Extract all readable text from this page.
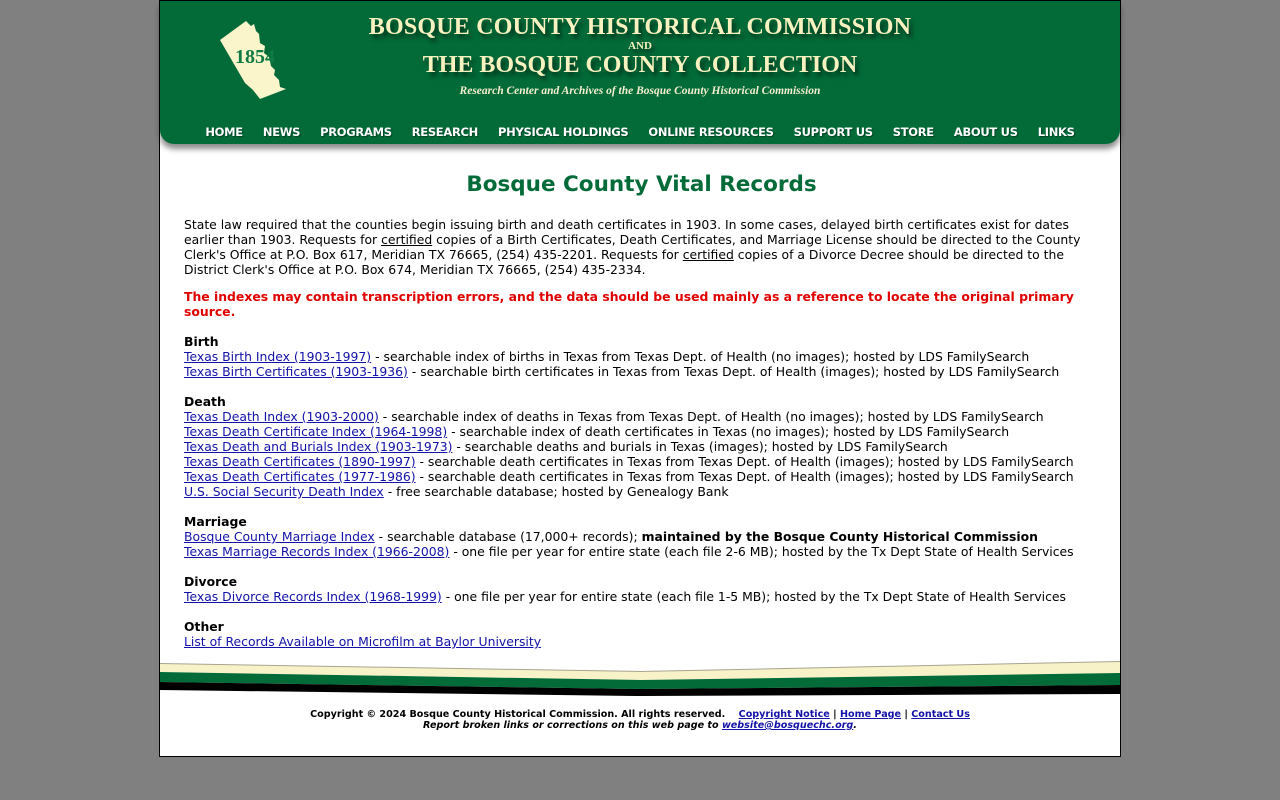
1854
BOSQUE COUNTY HISTORICAL COMMISSION
AND
THE BOSQUE COUNTY COLLECTION
Research Center and Archives of the Bosque County Historical Commission
HOME NEWS PROGRAMS RESEARCH PHYSICAL HOLDINGS ONLINE RESOURCES SUPPORT US STORE ABOUT US LINKS
Bosque County Vital Records

State law required that the counties begin issuing birth and death certificates in 1903. In some cases, delayed birth certificates exist for dates earlier than 1903. Requests for certified copies of a Birth Certificates, Death Certificates, and Marriage License should be directed to the County Clerk's Office at P.O. Box 617, Meridian TX 76665, (254) 435-2201. Requests for certified copies of a Divorce Decree should be directed to the District Clerk's Office at P.O. Box 674, Meridian TX 76665, (254) 435-2334.

The indexes may contain transcription errors, and the data should be used mainly as a reference to locate the original primary source.

Birth
Texas Birth Index (1903-1997) - searchable index of births in Texas from Texas Dept. of Health (no images); hosted by LDS FamilySearch
Texas Birth Certificates (1903-1936) - searchable birth certificates in Texas from Texas Dept. of Health (images); hosted by LDS FamilySearch
Death
Texas Death Index (1903-2000) - searchable index of deaths in Texas from Texas Dept. of Health (no images); hosted by LDS FamilySearch
Texas Death Certificate Index (1964-1998) - searchable index of death certificates in Texas (no images); hosted by LDS FamilySearch
Texas Death and Burials Index (1903-1973) - searchable deaths and burials in Texas (images); hosted by LDS FamilySearch
Texas Death Certificates (1890-1997) - searchable death certificates in Texas from Texas Dept. of Health (images); hosted by LDS FamilySearch
Texas Death Certificates (1977-1986) - searchable death certificates in Texas from Texas Dept. of Health (images); hosted by LDS FamilySearch
U.S. Social Security Death Index - free searchable database; hosted by Genealogy Bank
Marriage
Bosque County Marriage Index - searchable database (17,000+ records); maintained by the Bosque County Historical Commission
Texas Marriage Records Index (1966-2008) - one file per year for entire state (each file 2-6 MB); hosted by the Tx Dept State of Health Services
Divorce
Texas Divorce Records Index (1968-1999) - one file per year for entire state (each file 1-5 MB); hosted by the Tx Dept State of Health Services
Other
List of Records Available on Microfilm at Baylor University
Copyright © 2024 Bosque County Historical Commission. All rights reserved. Copyright Notice | Home Page | Contact Us
Report broken links or corrections on this web page to website@bosquechc.org.
